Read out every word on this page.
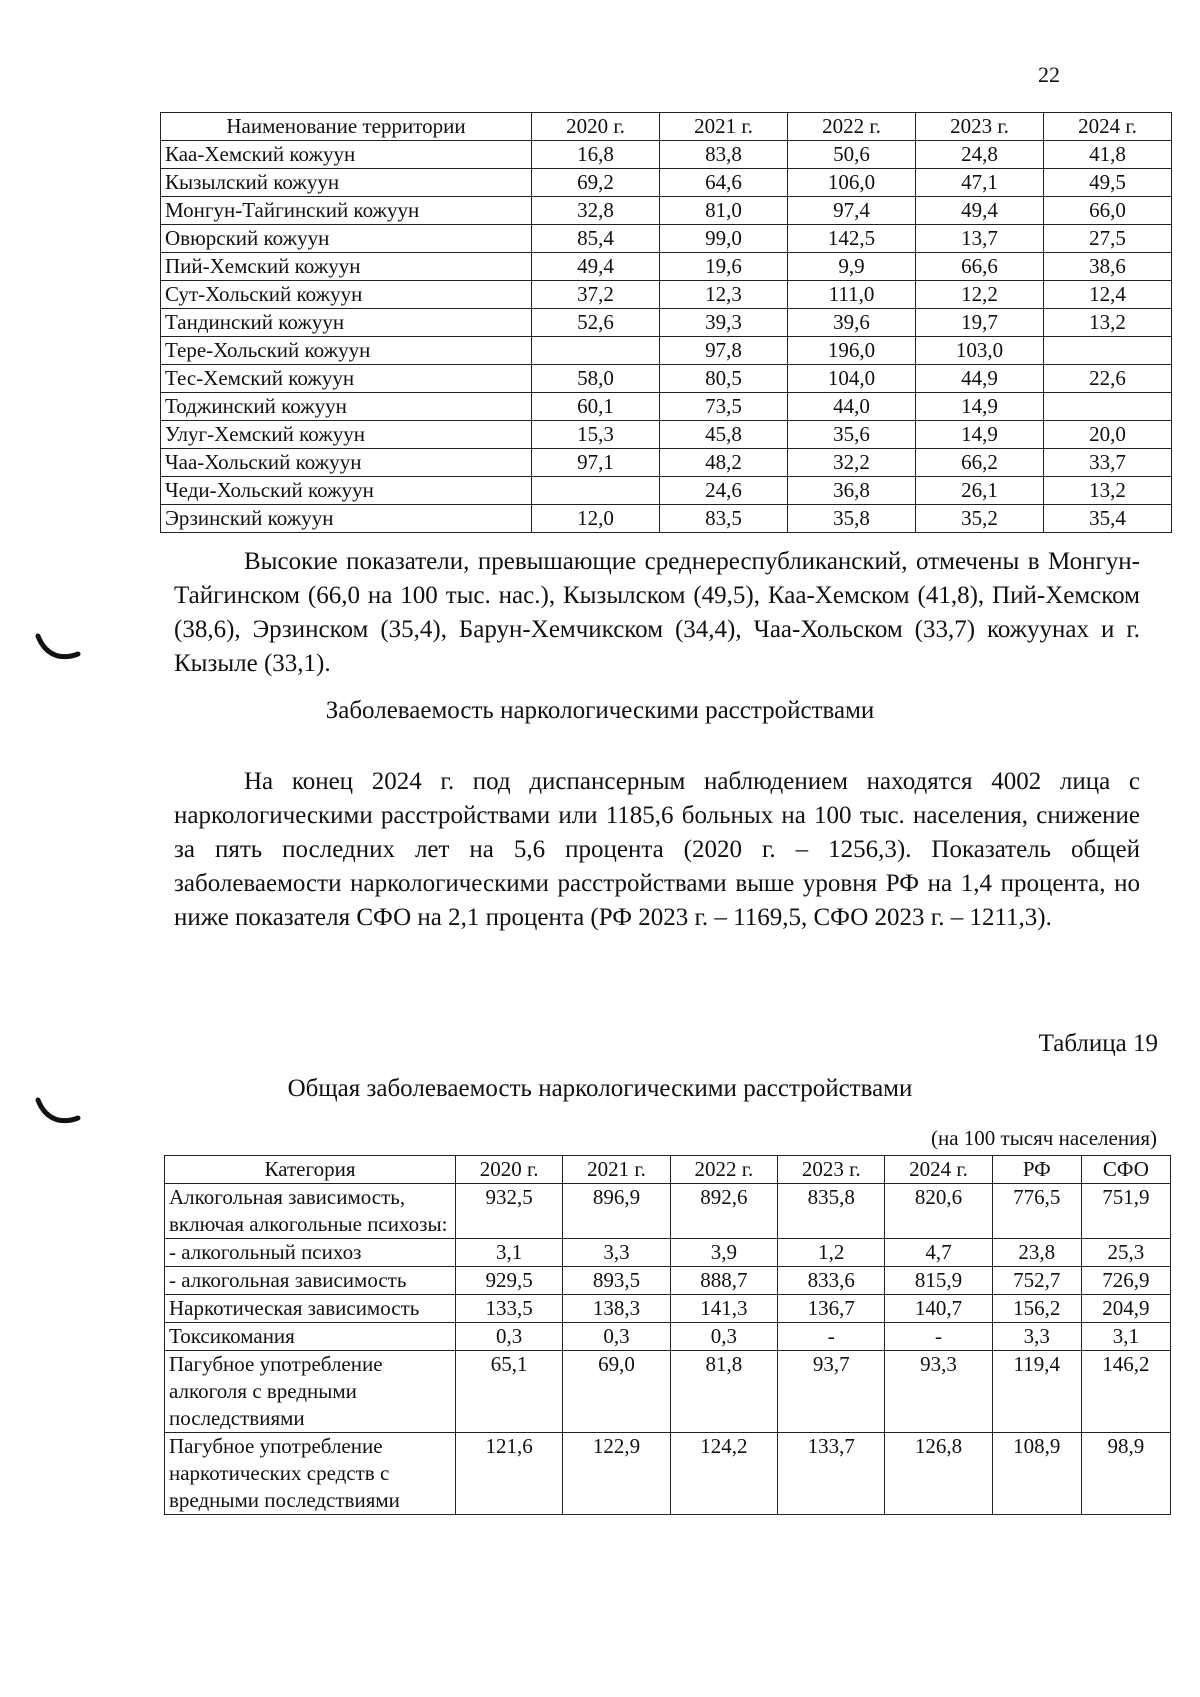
22
Наименование территории	2020 г.	2021 г.	2022 г.	2023 г.	2024 г.
Каа-Хемский кожуун	16,8	83,8	50,6	24,8	41,8
Кызылский кожуун	69,2	64,6	106,0	47,1	49,5
Монгун-Тайгинский кожуун	32,8	81,0	97,4	49,4	66,0
Овюрский кожуун	85,4	99,0	142,5	13,7	27,5
Пий-Хемский кожуун	49,4	19,6	9,9	66,6	38,6
Сут-Хольский кожуун	37,2	12,3	111,0	12,2	12,4
Тандинский кожуун	52,6	39,3	39,6	19,7	13,2
Тере-Хольский кожуун		97,8	196,0	103,0	
Тес-Хемский кожуун	58,0	80,5	104,0	44,9	22,6
Тоджинский кожуун	60,1	73,5	44,0	14,9	
Улуг-Хемский кожуун	15,3	45,8	35,6	14,9	20,0
Чаа-Хольский кожуун	97,1	48,2	32,2	66,2	33,7
Чеди-Хольский кожуун		24,6	36,8	26,1	13,2
Эрзинский кожуун	12,0	83,5	35,8	35,2	35,4

Высокие показатели, превышающие среднереспубликанский, отмечены в Монгун-Тайгинском (66,0 на 100 тыс. нас.), Кызылском (49,5), Каа-Хемском (41,8), Пий-Хемском (38,6), Эрзинском (35,4), Барун-Хемчикском (34,4), Чаа-Хольском (33,7) кожуунах и г. Кызыле (33,1).

Заболеваемость наркологическими расстройствами

На конец 2024 г. под диспансерным наблюдением находятся 4002 лица с наркологическими расстройствами или 1185,6 больных на 100 тыс. населения, снижение за пять последних лет на 5,6 процента (2020 г. – 1256,3). Показатель общей заболеваемости наркологическими расстройствами выше уровня РФ на 1,4 процента, но ниже показателя СФО на 2,1 процента (РФ 2023 г. – 1169,5, СФО 2023 г. – 1211,3).

Таблица 19

Общая заболеваемость наркологическими расстройствами

(на 100 тысяч населения)

Категория	2020 г.	2021 г.	2022 г.	2023 г.	2024 г.	РФ	СФО
Алкогольная зависимость, включая алкогольные психозы:	932,5	896,9	892,6	835,8	820,6	776,5	751,9
- алкогольный психоз	3,1	3,3	3,9	1,2	4,7	23,8	25,3
- алкогольная зависимость	929,5	893,5	888,7	833,6	815,9	752,7	726,9
Наркотическая зависимость	133,5	138,3	141,3	136,7	140,7	156,2	204,9
Токсикомания	0,3	0,3	0,3	-	-	3,3	3,1
Пагубное употребление алкоголя с вредными последствиями	65,1	69,0	81,8	93,7	93,3	119,4	146,2
Пагубное употребление наркотических средств с вредными последствиями	121,6	122,9	124,2	133,7	126,8	108,9	98,9
